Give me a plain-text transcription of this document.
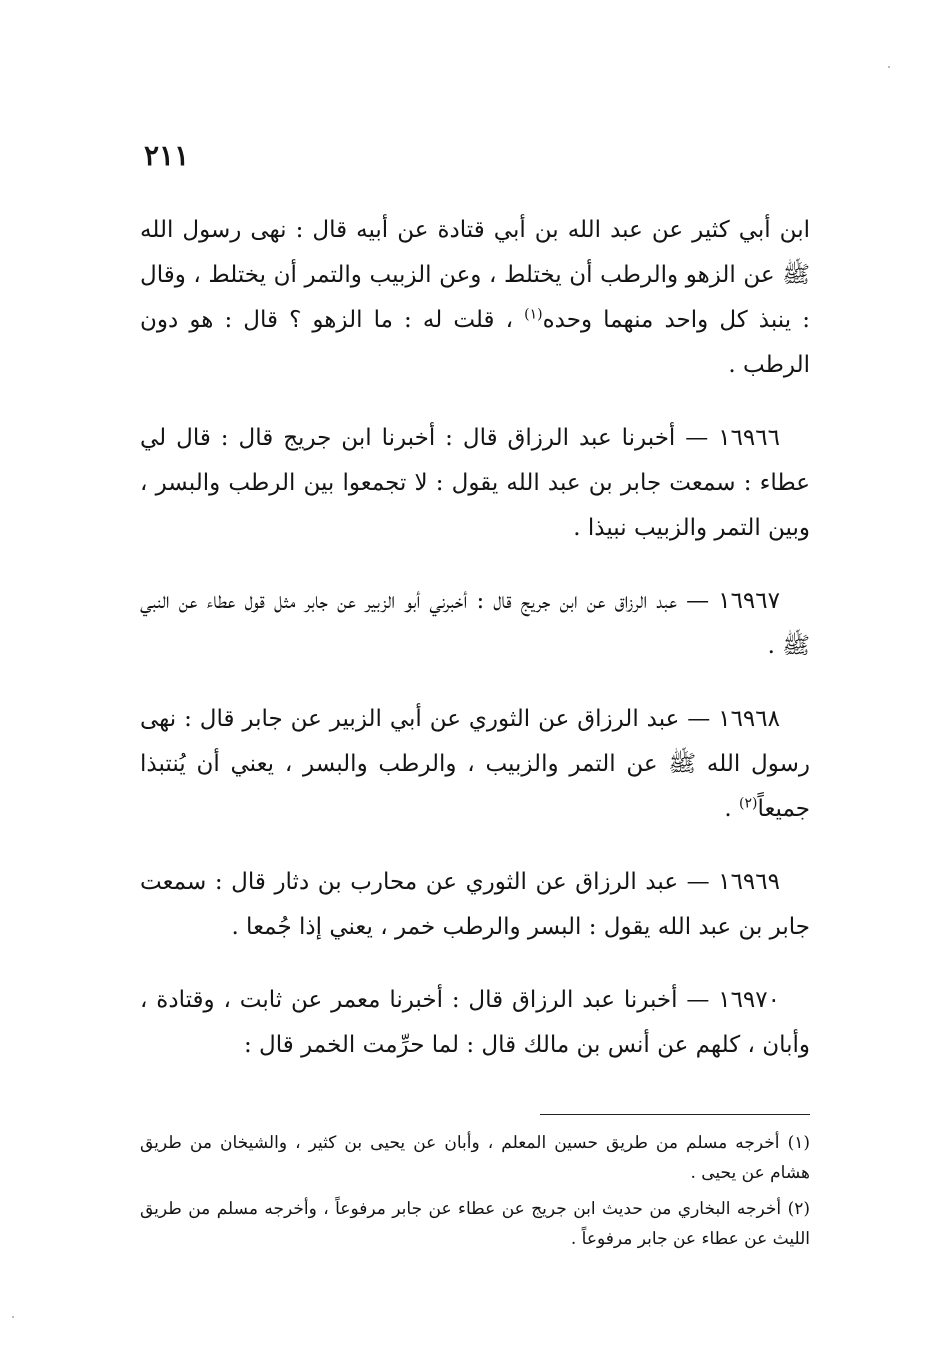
٢١١

ابن أبي كثير عن عبد الله بن أبي قتادة عن أبيه قال : نهى رسول الله ﷺ عن الزهو والرطب أن يختلط ، وعن الزبيب والتمر أن يختلط ، وقال : ينبذ كل واحد منهما وحده$^{(١)}$ ، قلت له : ما الزهو ؟ قال : هو دون الرطب .

١٦٩٦٦ — أخبرنا عبد الرزاق قال : أخبرنا ابن جريج قال : قال لي عطاء : سمعت جابر بن عبد الله يقول : لا تجمعوا بين الرطب والبسر ، وبين التمر والزبيب نبيذا .

١٦٩٦٧ — عبد الرزاق عن ابن جريج قال : أخبرني أبو الزبير عن جابر مثل قول عطاء عن النبي ﷺ .

١٦٩٦٨ — عبد الرزاق عن الثوري عن أبي الزبير عن جابر قال : نهى رسول الله ﷺ عن التمر والزبيب ، والرطب والبسر ، يعني أن يُنتبذا جميعاً$^{(٢)}$ .

١٦٩٦٩ — عبد الرزاق عن الثوري عن محارب بن دثار قال : سمعت جابر بن عبد الله يقول : البسر والرطب خمر ، يعني إذا جُمعا .

١٦٩٧٠ — أخبرنا عبد الرزاق قال : أخبرنا معمر عن ثابت ، وقتادة ، وأبان ، كلهم عن أنس بن مالك قال : لما حرِّمت الخمر قال :

(١) أخرجه مسلم من طريق حسين المعلم ، وأبان عن يحيى بن كثير ، والشيخان من طريق هشام عن يحيى .

(٢) أخرجه البخاري من حديث ابن جريج عن عطاء عن جابر مرفوعاً ، وأخرجه مسلم من طريق الليث عن عطاء عن جابر مرفوعاً .
